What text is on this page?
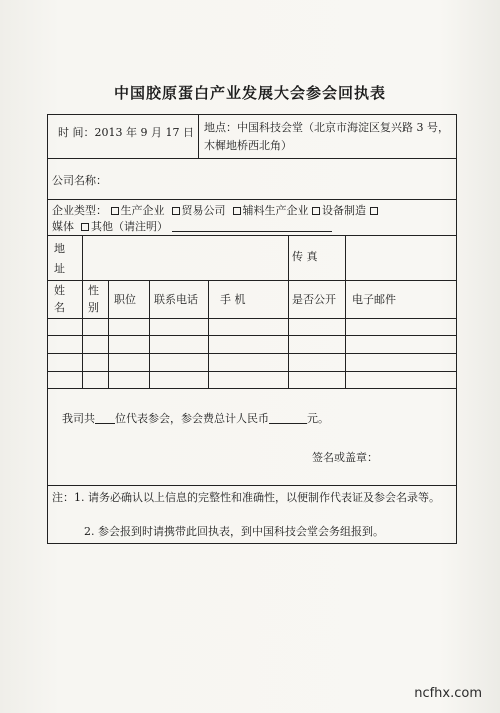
中国胶原蛋白产业发展大会参会回执表
时 间：2013 年 9 月 17 日 地点：中国科技会堂（北京市海淀区复兴路 3 号，木樨地桥西北角）
公司名称：
企业类型： 生产企业 贸易公司 辅料生产企业 设备制造
媒体 其他（请注明）
地
址
传 真
姓
名
性
别
职位 联系电话 手 机	是否公开 电子邮件
我司共 位代表参会，参会费总计人民币	元。
签名或盖章：
注：1. 请务必确认以上信息的完整性和准确性，以便制作代表证及参会名录等。
2. 参会报到时请携带此回执表，到中国科技会堂会务组报到。
ncfhx.com
